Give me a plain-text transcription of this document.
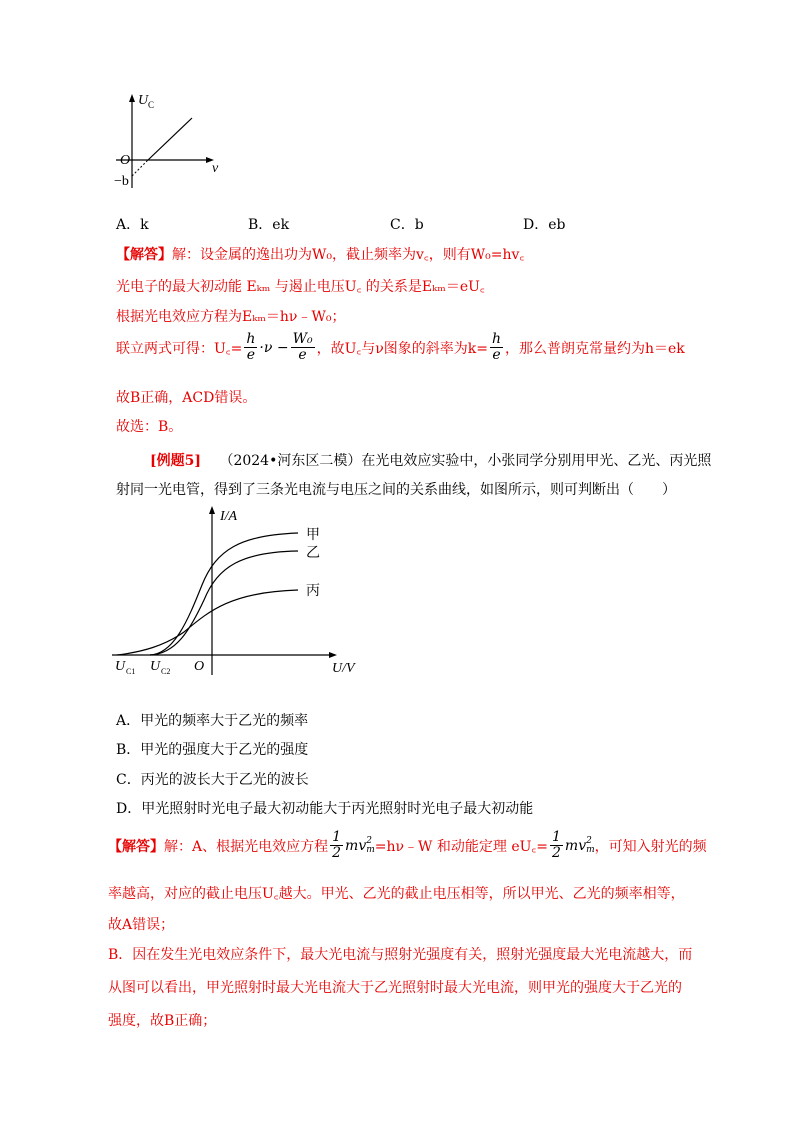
U C
ν
O
−b
A．k	B．ek	C．b	D．eb
【解答】解：设金属的逸出功为W₀，截止频率为v꜀，则有W₀=hv꜀
光电子的最大初动能 Eₖₘ 与遏止电压U꜀ 的关系是Eₖₘ＝eU꜀
根据光电效应方程为Eₖₘ＝hν﹣W₀；
联立两式可得：U꜀= $\frac{h}{e} \cdot\nu - \frac{\text{W₀}}{e}$ ，故U꜀与ν图象的斜率为$k= \frac{h}{e}$ ，那么普朗克常量约为h＝ek
故B正确，ACD错误。
故选：B。
[例题5] （2024•河东区二模）在光电效应实验中，小张同学分别用甲光、乙光、丙光照
射同一光电管，得到了三条光电流与电压之间的关系曲线，如图所示，则可判断出（　　）
I/A
U/V
O
U C1 U C2
甲
乙
丙
A．甲光的频率大于乙光的频率
B．甲光的强度大于乙光的强度
C．丙光的波长大于乙光的波长
D．甲光照射时光电子最大初动能大于丙光照射时光电子最大初动能
【解答】 解：A、根据光电效应方程 $\frac{1}{2}$ mv 2
m =hν﹣W 和动能定理 eU꜀= $\frac{1}{2}$ mv 2
m ，可知入射光的频
率越高，对应的截止电压U꜀越大。甲光、乙光的截止电压相等，所以甲光、乙光的频率相等，
故A错误；
B．因在发生光电效应条件下，最大光电流与照射光强度有关，照射光强度最大光电流越大，而
从图可以看出，甲光照射时最大光电流大于乙光照射时最大光电流，则甲光的强度大于乙光的
强度，故B正确；
